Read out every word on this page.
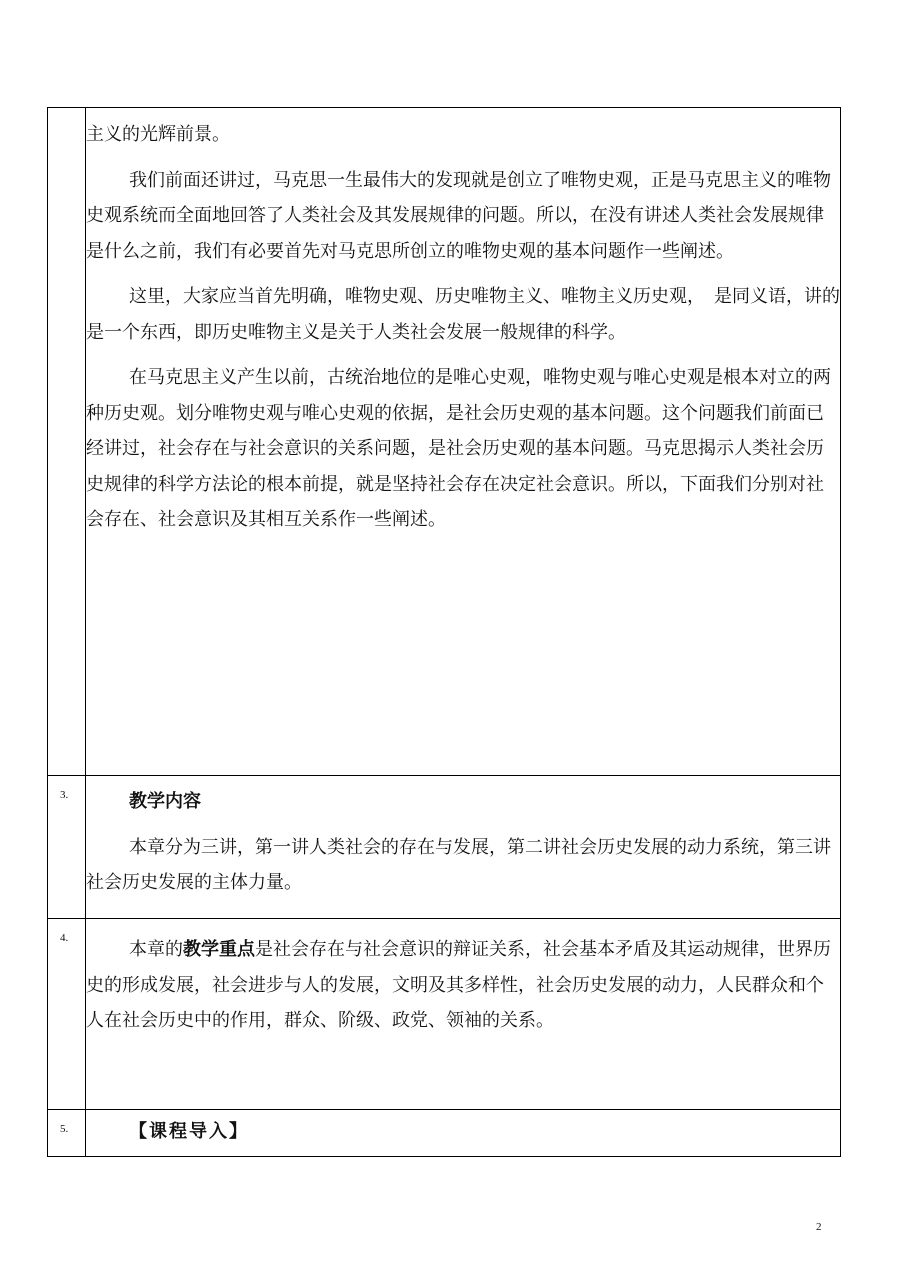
	主义的光辉前景。

我们前面还讲过，马克思一生最伟大的发现就是创立了唯物史观，正是马克思主义的唯物史观系统而全面地回答了人类社会及其发展规律的问题。所以，在没有讲述人类社会发展规律是什么之前，我们有必要首先对马克思所创立的唯物史观的基本问题作一些阐述。

这里，大家应当首先明确，唯物史观、历史唯物主义、唯物主义历史观，　是同义语，讲的是一个东西，即历史唯物主义是关于人类社会发展一般规律的科学。

在马克思主义产生以前，古统治地位的是唯心史观，唯物史观与唯心史观是根本对立的两种历史观。划分唯物史观与唯心史观的依据，是社会历史观的基本问题。这个问题我们前面已经讲过，社会存在与社会意识的关系问题，是社会历史观的基本问题。马克思揭示人类社会历史规律的科学方法论的根本前提，就是坚持社会存在决定社会意识。所以，下面我们分别对社会存在、社会意识及其相互关系作一些阐述。

3.	教学内容

本章分为三讲，第一讲人类社会的存在与发展，第二讲社会历史发展的动力系统，第三讲社会历史发展的主体力量。

4.	本章的教学重点是社会存在与社会意识的辩证关系，社会基本矛盾及其运动规律，世界历史的形成发展，社会进步与人的发展，文明及其多样性，社会历史发展的动力，人民群众和个人在社会历史中的作用，群众、阶级、政党、领袖的关系。

5.	【课程导入】

2
